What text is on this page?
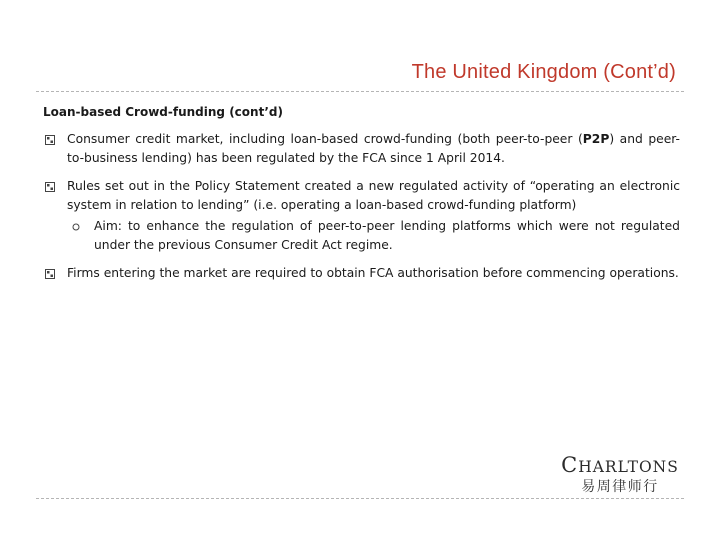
The United Kingdom (Cont’d)
Loan-based Crowd-funding (cont’d)
Consumer credit market, including loan-based crowd-funding (both peer-to-peer (P2P) and peer-to-business lending) has been regulated by the FCA since 1 April 2014.
Rules set out in the Policy Statement created a new regulated activity of “operating an electronic system in relation to lending” (i.e. operating a loan-based crowd-funding platform)
Aim: to enhance the regulation of peer-to-peer lending platforms which were not regulated under the previous Consumer Credit Act regime.
Firms entering the market are required to obtain FCA authorisation before commencing operations.
CHARLTONS
易周律师行
